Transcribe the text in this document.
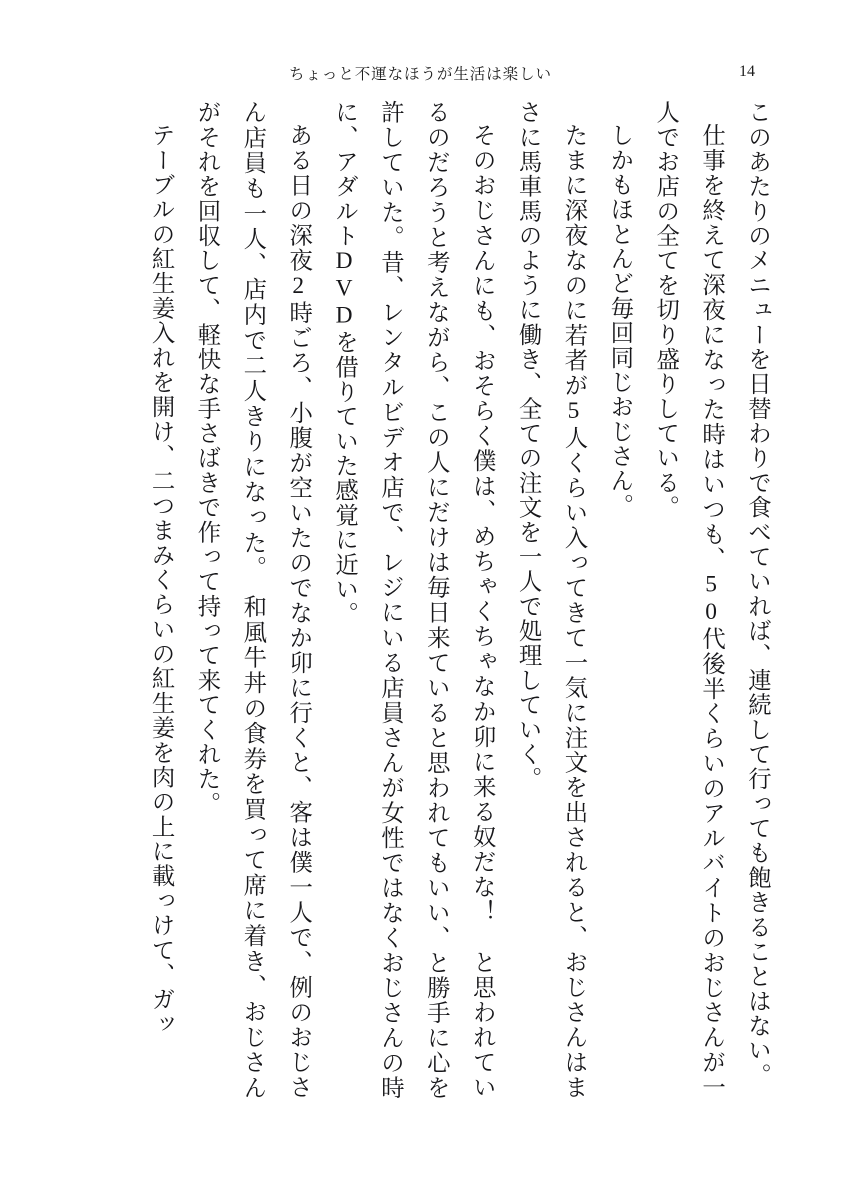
ちょっと不運なほうが生活は楽しい	14

このあたりのメニューを日替わりで食べていれば、連続して行っても飽きることはない。

仕事を終えて深夜になった時はいつも、50代後半くらいのアルバイトのおじさんが一人でお店の全てを切り盛りしている。

しかもほとんど毎回同じおじさん。

たまに深夜なのに若者が5人くらい入ってきて一気に注文を出されると、おじさんはまさに馬車馬のように働き、全ての注文を一人で処理していく。

そのおじさんにも、おそらく僕は、めちゃくちゃなか卯に来る奴だな！　と思われているのだろうと考えながら、この人にだけは毎日来ていると思われてもいい、と勝手に心を許していた。昔、レンタルビデオ店で、レジにいる店員さんが女性ではなくおじさんの時に、アダルトDVDを借りていた感覚に近い。

ある日の深夜2時ごろ、小腹が空いたのでなか卯に行くと、客は僕一人で、例のおじさん店員も一人、店内で二人きりになった。　和風牛丼の食券を買って席に着き、おじさんがそれを回収して、軽快な手さばきで作って持って来てくれた。

テーブルの紅生姜入れを開け、二つまみくらいの紅生姜を肉の上に載っけて、ガッ
